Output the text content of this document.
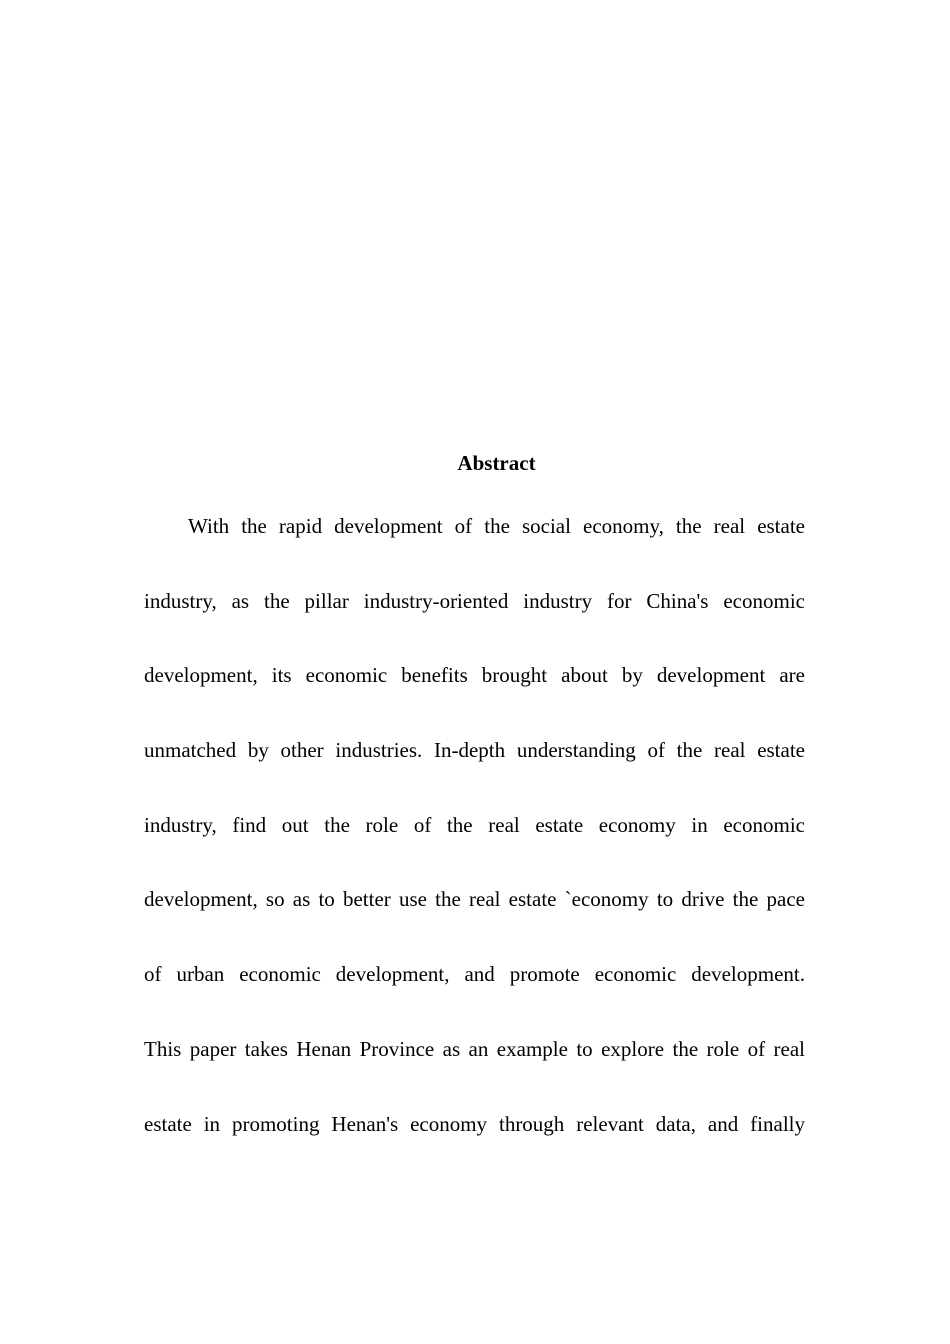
Abstract
With the rapid development of the social economy, the real estate
industry, as the pillar industry-oriented industry for China's economic
development, its economic benefits brought about by development are
unmatched by other industries. In-depth understanding of the real estate
industry, find out the role of the real estate economy in economic
development, so as to better use the real estate `economy to drive the pace
of urban economic development, and promote economic development.
This paper takes Henan Province as an example to explore the role of real
estate in promoting Henan's economy through relevant data, and finally
